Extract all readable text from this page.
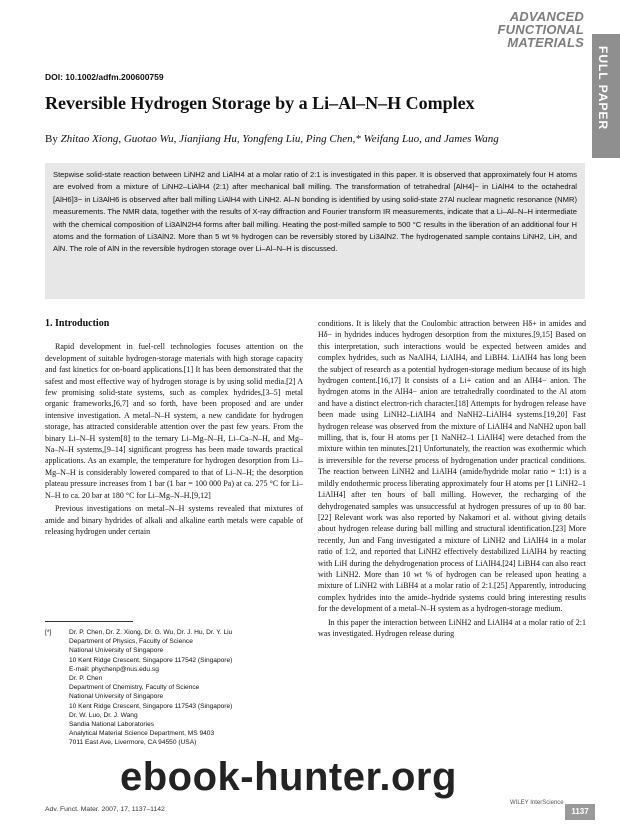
ADVANCED
FUNCTIONAL
MATERIALS
FULL PAPER
DOI: 10.1002/adfm.200600759
Reversible Hydrogen Storage by a Li–Al–N–H Complex
By Zhitao Xiong, Guotao Wu, Jianjiang Hu, Yongfeng Liu, Ping Chen,* Weifang Luo, and James Wang
Stepwise solid-state reaction between LiNH2 and LiAlH4 at a molar ratio of 2:1 is investigated in this paper. It is observed that approximately four H atoms are evolved from a mixture of LiNH2–LiAlH4 (2:1) after mechanical ball milling. The transformation of tetrahedral [AlH4]− in LiAlH4 to the octahedral [AlH6]3− in Li3AlH6 is observed after ball milling LiAlH4 with LiNH2. Al–N bonding is identified by using solid-state 27Al nuclear magnetic resonance (NMR) measurements. The NMR data, together with the results of X-ray diffraction and Fourier transform IR measurements, indicate that a Li–Al–N–H intermediate with the chemical composition of Li3AlN2H4 forms after ball milling. Heating the post-milled sample to 500 °C results in the liberation of an additional four H atoms and the formation of Li3AlN2. More than 5 wt % hydrogen can be reversibly stored by Li3AlN2. The hydrogenated sample contains LiNH2, LiH, and AlN. The role of AlN in the reversible hydrogen storage over Li–Al–N–H is discussed.
1. Introduction

Rapid development in fuel-cell technologies focuses attention on the development of suitable hydrogen-storage materials with high storage capacity and fast kinetics for on-board applications.[1] It has been demonstrated that the safest and most effective way of hydrogen storage is by using solid media.[2] A few promising solid-state systems, such as complex hydrides,[3–5] metal organic frameworks,[6,7] and so forth, have been proposed and are under intensive investigation. A metal–N–H system, a new candidate for hydrogen storage, has attracted considerable attention over the past few years. From the binary Li–N–H system[8] to the ternary Li–Mg–N–H, Li–Ca–N–H, and Mg–Na–N–H systems,[9–14] significant progress has been made towards practical applications. As an example, the temperature for hydrogen desorption from Li–Mg–N–H is considerably lowered compared to that of Li–N–H; the desorption plateau pressure increases from 1 bar (1 bar = 100 000 Pa) at ca. 275 °C for Li–N–H to ca. 20 bar at 180 °C for Li–Mg–N–H.[9,12]

Previous investigations on metal–N–H systems revealed that mixtures of amide and binary hydrides of alkali and alkaline earth metals were capable of releasing hydrogen under certain

conditions. It is likely that the Coulombic attraction between Hδ+ in amides and Hδ− in hydrides induces hydrogen desorption from the mixtures.[9,15] Based on this interpretation, such interactions would be expected between amides and complex hydrides, such as NaAlH4, LiAlH4, and LiBH4. LiAlH4 has long been the subject of research as a potential hydrogen-storage medium because of its high hydrogen content.[16,17] It consists of a Li+ cation and an AlH4− anion. The hydrogen atoms in the AlH4− anion are tetrahedrally coordinated to the Al atom and have a distinct electron-rich character.[18] Attempts for hydrogen release have been made using LiNH2–LiAlH4 and NaNH2–LiAlH4 systems.[19,20] Fast hydrogen release was observed from the mixture of LiAlH4 and NaNH2 upon ball milling, that is, four H atoms per [1 NaNH2–1 LiAlH4] were detached from the mixture within ten minutes.[21] Unfortunately, the reaction was exothermic which is irreversible for the reverse process of hydrogenation under practical conditions. The reaction between LiNH2 and LiAlH4 (amide/hydride molar ratio = 1:1) is a mildly endothermic process liberating approximately four H atoms per [1 LiNH2–1 LiAlH4] after ten hours of ball milling. However, the recharging of the dehydrogenated samples was unsuccessful at hydrogen pressures of up to 80 bar.[22] Relevant work was also reported by Nakamori et al. without giving details about hydrogen release during ball milling and structural identification.[23] More recently, Jun and Fang investigated a mixture of LiNH2 and LiAlH4 in a molar ratio of 1:2, and reported that LiNH2 effectively destabilized LiAlH4 by reacting with LiH during the dehydrogenation process of LiAlH4.[24] LiBH4 can also react with LiNH2. More than 10 wt % of hydrogen can be released upon heating a mixture of LiNH2 with LiBH4 at a molar ratio of 2:1.[25] Apparently, introducing complex hydrides into the amide–hydride systems could bring interesting results for the development of a metal–N–H system as a hydrogen-storage medium.

In this paper the interaction between LiNH2 and LiAlH4 at a molar ratio of 2:1 was investigated. Hydrogen release during

[*]	Dr. P. Chen, Dr. Z. Xiong, Dr. G. Wu, Dr. J. Hu, Dr. Y. Liu
Department of Physics, Faculty of Science
National University of Singapore
10 Kent Ridge Crescent, Singapore 117542 (Singapore)
E-mail: phychenp@nus.edu.sg
Dr. P. Chen
Department of Chemistry, Faculty of Science
National University of Singapore
10 Kent Ridge Crescent, Singapore 117543 (Singapore)
Dr. W. Luo, Dr. J. Wang
Sandia National Laboratories
Analytical Material Science Department, MS 9403
7011 East Ave, Livermore, CA 94550 (USA)
ebook-hunter.org
Adv. Funct. Mater. 2007, 17, 1137–1142
WILEY InterScience
1137
